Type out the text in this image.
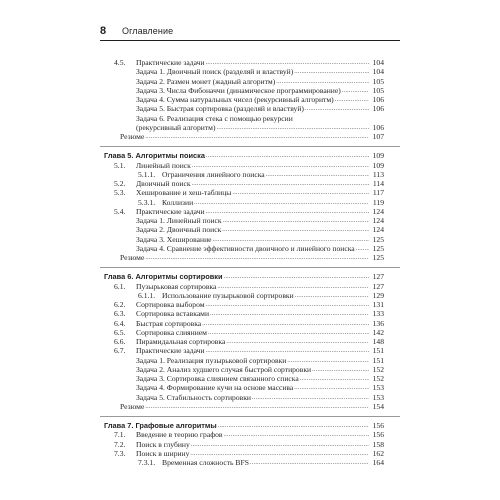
8	Оглавление
4.5.	Практические задачи .....	104
Задача 1. Двоичный поиск (разделяй и властвуй) .....	104
Задача 2. Размен монет (жадный алгоритм) .....	105
Задача 3. Числа Фибоначчи (динамическое программирование) .....	105
Задача 4. Сумма натуральных чисел (рекурсивный алгоритм) .....	106
Задача 5. Быстрая сортировка (разделяй и властвуй) .....	106
Задача 6. Реализация стека с помощью рекурсии
(рекурсивный алгоритм) .....	106
Резюме .....	107
Глава 5. Алгоритмы поиска .....	109
5.1.	Линейный поиск .....	109
5.1.1. Ограничения линейного поиска .....	113
5.2.	Двоичный поиск .....	114
5.3.	Хеширование и хеш-таблицы .....	117
5.3.1. Коллизии .....	119
5.4.	Практические задачи .....	124
Задача 1. Линейный поиск .....	124
Задача 2. Двоичный поиск .....	124
Задача 3. Хеширование .....	125
Задача 4. Сравнение эффективности двоичного и линейного поиска .....	125
Резюме .....	125
Глава 6. Алгоритмы сортировки .....	127
6.1.	Пузырьковая сортировка .....	127
6.1.1. Использование пузырьковой сортировки .....	129
6.2.	Сортировка выбором .....	131
6.3.	Сортировка вставками .....	133
6.4.	Быстрая сортировка .....	136
6.5.	Сортировка слиянием .....	142
6.6.	Пирамидальная сортировка .....	148
6.7.	Практические задачи .....	151
Задача 1. Реализация пузырьковой сортировки .....	151
Задача 2. Анализ худшего случая быстрой сортировки .....	152
Задача 3. Сортировка слиянием связанного списка .....	152
Задача 4. Формирование кучи на основе массива .....	153
Задача 5. Стабильность сортировки .....	153
Резюме .....	154
Глава 7. Графовые алгоритмы .....	156
7.1.	Введение в теорию графов .....	156
7.2.	Поиск в глубину .....	158
7.3.	Поиск в ширину .....	162
7.3.1. Временная сложность BFS .....	164
